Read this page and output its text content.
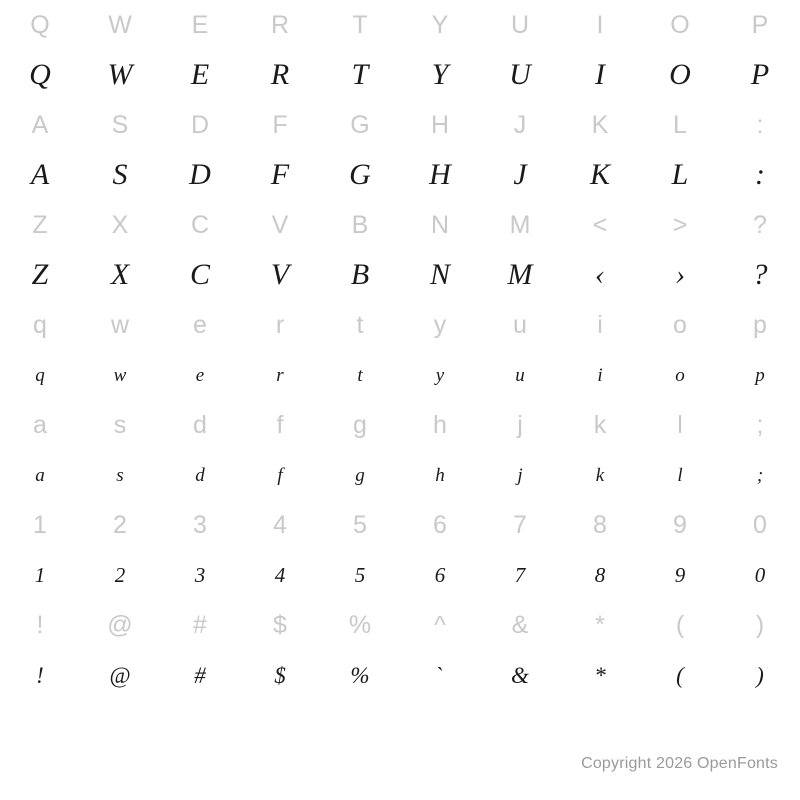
Q	W	E	R	T	Y	U	I	O	P
Q	W	E	R	T	Y	U	I	O	P
A	S	D	F	G	H	J	K	L	:
A	S	D	F	G	H	J	K	L	:
Z	X	C	V	B	N	M	<	>	?
Z	X	C	V	B	N	M	‹	›	?
q	w	e	r	t	y	u	i	o	p
q	w	e	r	t	y	u	i	o	p
a	s	d	f	g	h	j	k	l	;
a	s	d	f	g	h	j	k	l	;
1	2	3	4	5	6	7	8	9	0
1	2	3	4	5	6	7	8	9	0
!	@	#	$	%	^	&	*	(	)
!	@	#	$	%	ˋ	&	*	(	)
Copyright 2026 OpenFonts
